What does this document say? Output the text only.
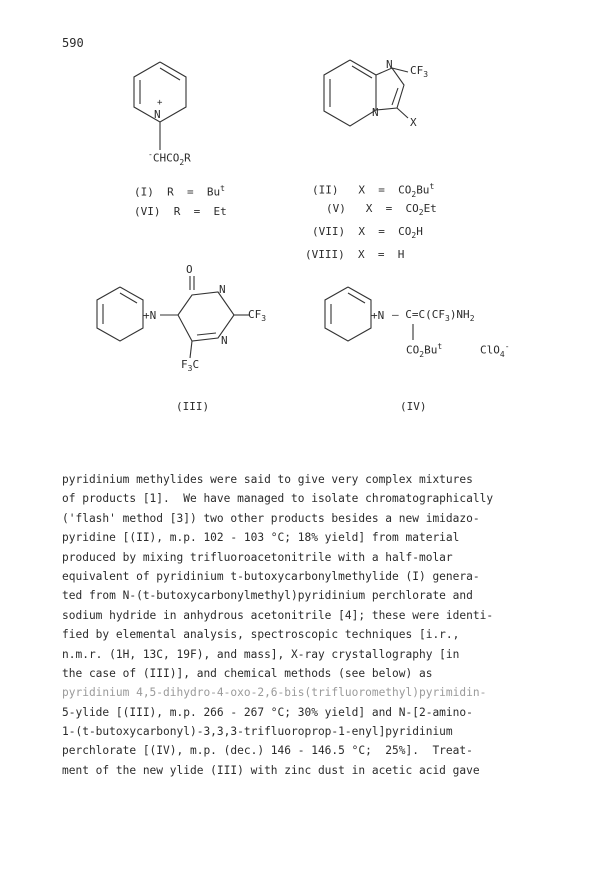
590
N
+
$^-CHCO_2R$
N $CF_3$
N
X
(I) R  =  Bu$^t$
(VI) R  =  Et
(II) $X = CO_2Bu^t$
(V) $X = CO_2Et$
(VII) $X = CO_2H$
(VIII) X  =  H
O
N
$CF_3$
N
+N
$F_3C$
(III)
+N — $C=C(CF_3)NH_2$
$CO_2Bu^t$	ClO$_4$-
(IV)
pyridinium methylides were said to give very complex mixtures
of products [1].  We have managed to isolate chromatographically
('flash' method [3]) two other products besides a new imidazo-
pyridine [(II), m.p. 102 - 103 °C; 18% yield] from material
produced by mixing trifluoroacetonitrile with a half-molar
equivalent of pyridinium t-butoxycarbonylmethylide (I) genera-
ted from N-(t-butoxycarbonylmethyl)pyridinium perchlorate and
sodium hydride in anhydrous acetonitrile [4]; these were identi-
fied by elemental analysis, spectroscopic techniques [i.r.,
n.m.r. (1H, 13C, 19F), and mass], X-ray crystallography [in
the case of (III)], and chemical methods (see below) as
pyridinium 4,5-dihydro-4-oxo-2,6-bis(trifluoromethyl)pyrimidin-
5-ylide [(III), m.p. 266 - 267 °C; 30% yield] and N-[2-amino-
1-(t-butoxycarbonyl)-3,3,3-trifluoroprop-1-enyl]pyridinium
perchlorate [(IV), m.p. (dec.) 146 - 146.5 °C;  25%].  Treat-
ment of the new ylide (III) with zinc dust in acetic acid gave
